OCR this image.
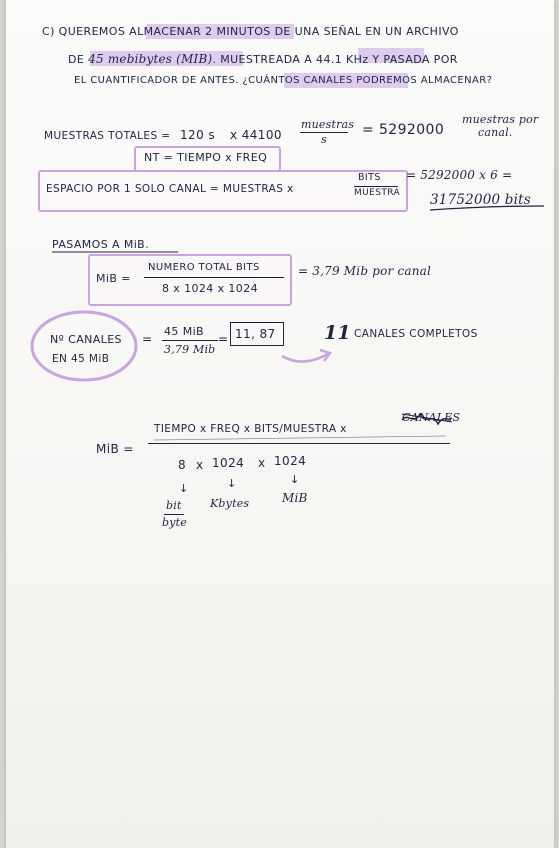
C) QUEREMOS ALMACENAR 2 MINUTOS DE UNA SEÑAL EN UN ARCHIVO
DE 45 mebibytes (MIB). MUESTREADA A 44.1 KHz Y PASADA POR
EL CUANTIFICADOR DE ANTES. ¿CUÁNTOS CANALES PODREMOS ALMACENAR?
MUESTRAS TOTALES = 120 s x 44100
muestras
s
= 5292000
muestras por
canal.
NT = TIEMPO x FREQ
ESPACIO POR 1 SOLO CANAL = MUESTRAS x
BITS
MUESTRA
= 5292000 x 6 =
31752000 bits
PASAMOS A MiB.
MiB =
NUMERO TOTAL BITS
8 x 1024 x 1024
= 3,79 Mib por canal
Nº CANALES
EN 45 MiB
=
45 MiB
3,79 Mib
= 11, 87	11 CANALES COMPLETOS
MiB =
TIEMPO x FREQ x BITS/MUESTRA x
CANALES
8 x 1024 x 1024
↓	↓	↓
bit
byte
Kbytes	MiB
